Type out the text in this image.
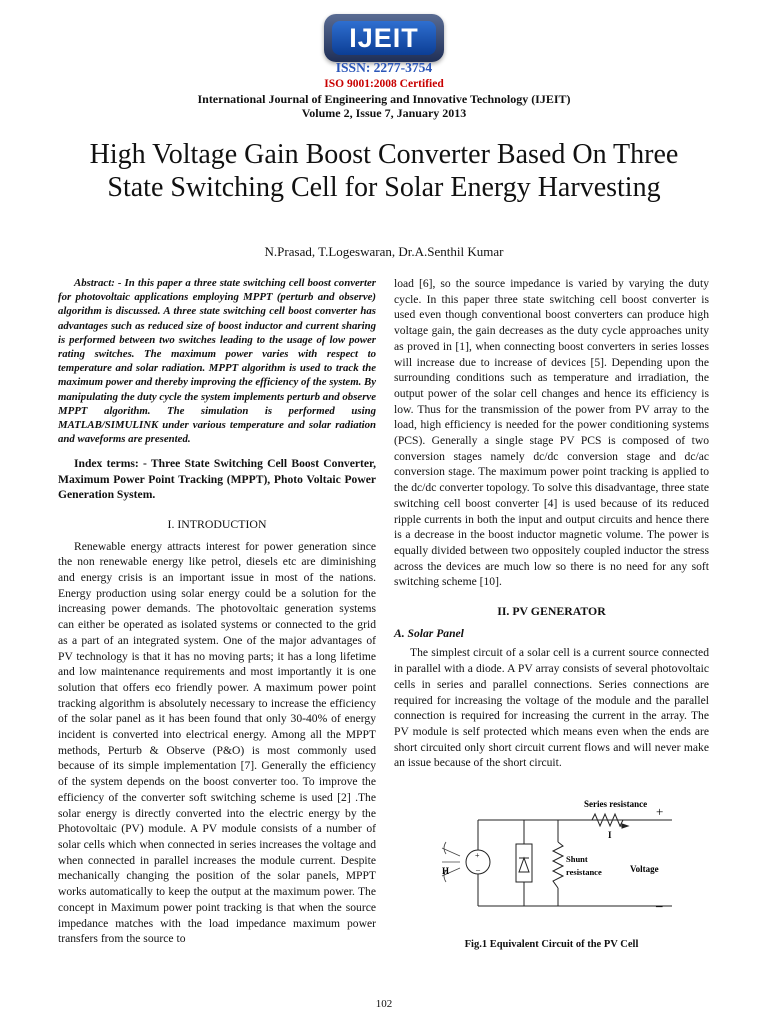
IJEIT
ISSN: 2277-3754
ISO 9001:2008 Certified
International Journal of Engineering and Innovative Technology (IJEIT)
Volume 2, Issue 7, January 2013
High Voltage Gain Boost Converter Based On Three State Switching Cell for Solar Energy Harvesting
N.Prasad, T.Logeswaran, Dr.A.Senthil Kumar

Abstract: - In this paper a three state switching cell boost converter for photovoltaic applications employing MPPT (perturb and observe) algorithm is discussed. A three state switching cell boost converter has advantages such as reduced size of boost inductor and current sharing is performed between two switches leading to the usage of low power rating switches. The maximum power varies with respect to temperature and solar radiation. MPPT algorithm is used to track the maximum power and thereby improving the efficiency of the system. By manipulating the duty cycle the system implements perturb and observe MPPT algorithm. The simulation is performed using MATLAB/SIMULINK under various temperature and solar radiation and waveforms are presented.

Index terms: - Three State Switching Cell Boost Converter, Maximum Power Point Tracking (MPPT), Photo Voltaic Power Generation System.

I. INTRODUCTION

Renewable energy attracts interest for power generation since the non renewable energy like petrol, diesels etc are diminishing and energy crisis is an important issue in most of the nations. Energy production using solar energy could be a solution for the increasing power demands. The photovoltaic generation systems can either be operated as isolated systems or connected to the grid as a part of an integrated system. One of the major advantages of PV technology is that it has no moving parts; it has a long lifetime and low maintenance requirements and most importantly it is one solution that offers eco friendly power. A maximum power point tracking algorithm is absolutely necessary to increase the efficiency of the solar panel as it has been found that only 30-40% of energy incident is converted into electrical energy. Among all the MPPT methods, Perturb & Observe (P&O) is most commonly used because of its simple implementation [7]. Generally the efficiency of the system depends on the boost converter too. To improve the efficiency of the converter soft switching scheme is used [2] .The solar energy is directly converted into the electric energy by the Photovoltaic (PV) module. A PV module consists of a number of solar cells which when connected in series increases the voltage and when connected in parallel increases the module current. Despite mechanically changing the position of the solar panels, MPPT works automatically to keep the output at the maximum power. The concept in Maximum power point tracking is that when the source impedance matches with the load impedance maximum power transfers from the source to

load [6], so the source impedance is varied by varying the duty cycle. In this paper three state switching cell boost converter is used even though conventional boost converters can produce high voltage gain, the gain decreases as the duty cycle approaches unity as proved in [1], when connecting boost converters in series losses will increase due to increase of devices [5]. Depending upon the surrounding conditions such as temperature and irradiation, the output power of the solar cell changes and hence its efficiency is low. Thus for the transmission of the power from PV array to the load, high efficiency is needed for the power conditioning systems (PCS). Generally a single stage PV PCS is composed of two conversion stages namely dc/dc conversion stage and dc/ac conversion stage. The maximum power point tracking is applied to the dc/dc converter topology. To solve this disadvantage, three state switching cell boost converter [4] is used because of its reduced ripple currents in both the input and output circuits and hence there is a decrease in the boost inductor magnetic volume. The power is equally divided between two oppositely coupled inductor the stress across the devices are much low so there is no need for any soft switching scheme [10].

II. PV GENERATOR

A. Solar Panel

The simplest circuit of a solar cell is a current source connected in parallel with a diode. A PV array consists of several photovoltaic cells in series and parallel connections. Series connections are required for increasing the voltage of the module and the parallel connection is required for increasing the current in the array. The PV module is self protected which means even when the ends are short circuited only short circuit current flows and will never make an issue because of the short circuit.

Series resistance
I
+
–
Shunt
resistance	Voltage
H
+
–
Fig.1 Equivalent Circuit of the PV Cell
102
